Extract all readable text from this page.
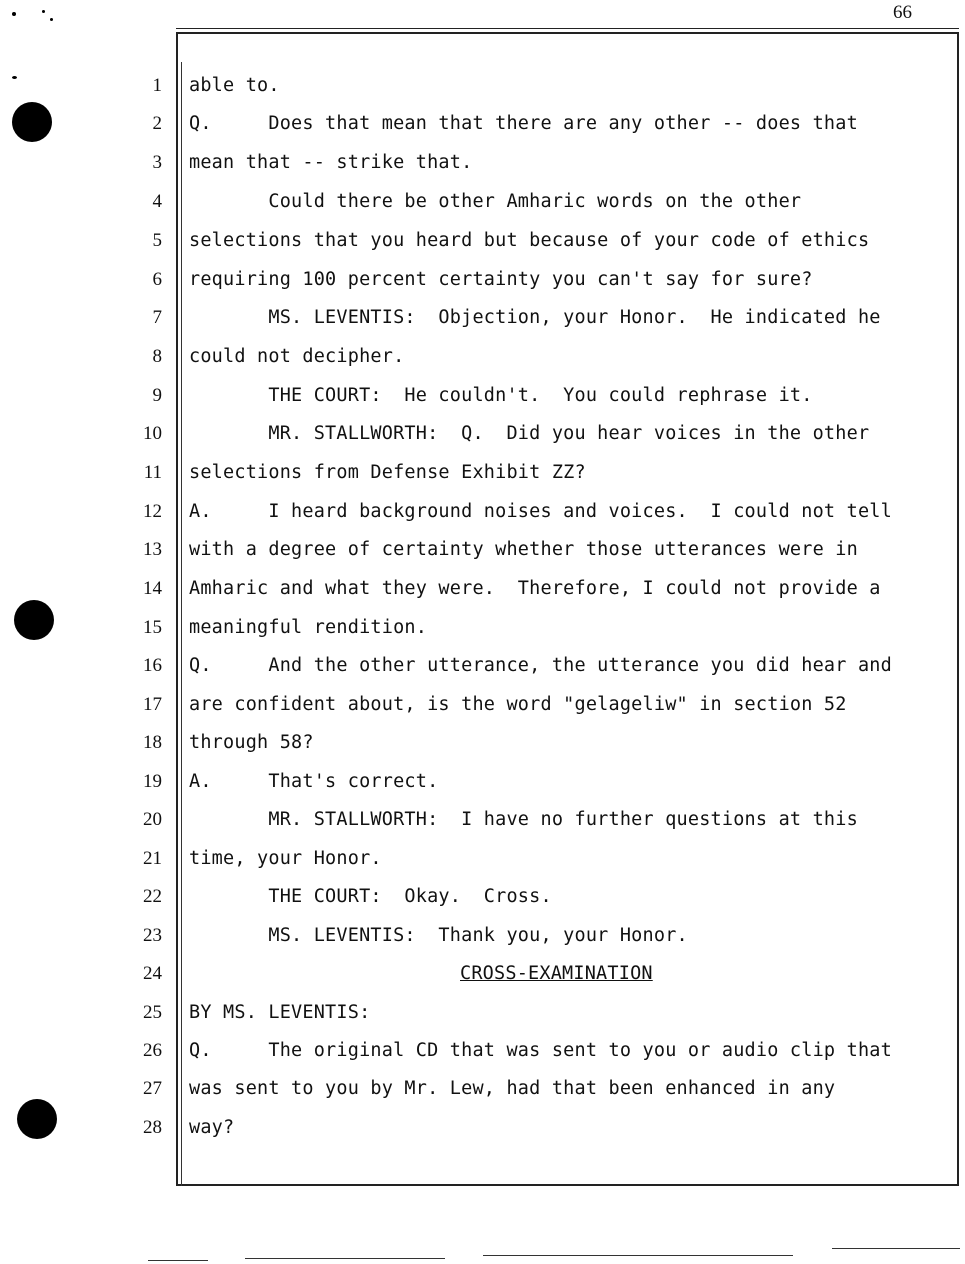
66
1 able to.
2 Q.     Does that mean that there are any other -- does that
3 mean that -- strike that.
4 Could there be other Amharic words on the other
5 selections that you heard but because of your code of ethics
6 requiring 100 percent certainty you can't say for sure?
7 MS. LEVENTIS:  Objection, your Honor.  He indicated he
8 could not decipher.
9 THE COURT:  He couldn't.  You could rephrase it.
10 MR. STALLWORTH:  Q.  Did you hear voices in the other
11 selections from Defense Exhibit ZZ?
12 A.     I heard background noises and voices.  I could not tell
13 with a degree of certainty whether those utterances were in
14 Amharic and what they were.  Therefore, I could not provide a
15 meaningful rendition.
16 Q.     And the other utterance, the utterance you did hear and
17 are confident about, is the word "gelageliw" in section 52
18 through 58?
19 A.     That's correct.
20 MR. STALLWORTH:  I have no further questions at this
21 time, your Honor.
22 THE COURT:  Okay.  Cross.
23 MS. LEVENTIS:  Thank you, your Honor.
24	CROSS-EXAMINATION
25 BY MS. LEVENTIS:
26 Q.     The original CD that was sent to you or audio clip that
27 was sent to you by Mr. Lew, had that been enhanced in any
28 way?
